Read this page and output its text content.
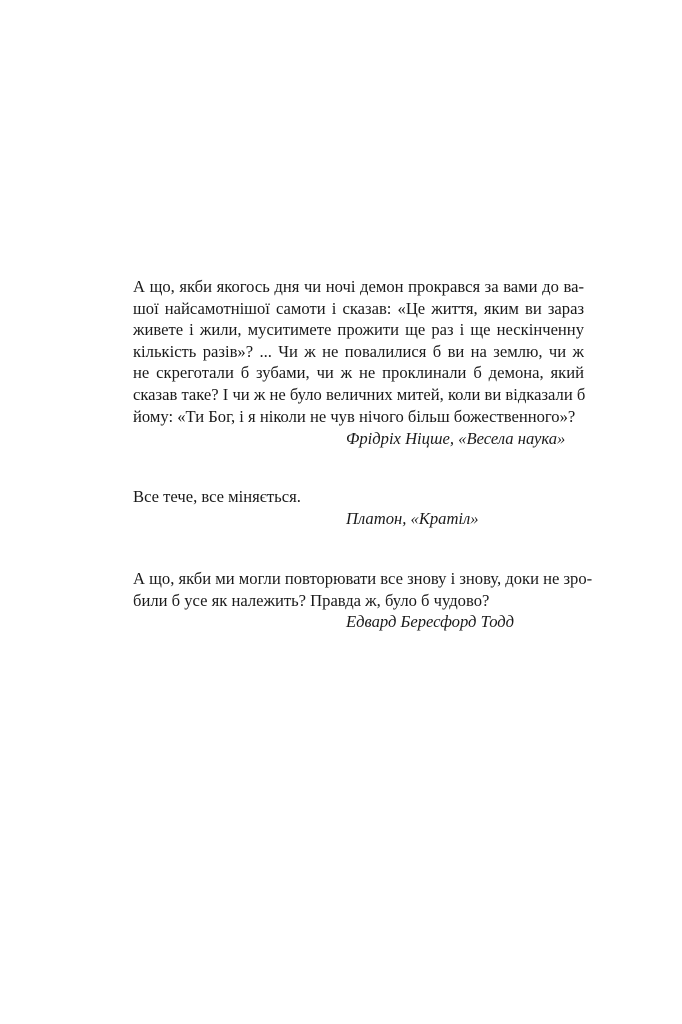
А що, якби якогось дня чи ночі демон прокрався за вами до ва-
шої найсамотнішої самоти і сказав: «Це життя, яким ви зараз
живете і жили, муситимете прожити ще раз і ще нескінченну
кількість разів»? ... Чи ж не повалилися б ви на землю, чи ж
не скреготали б зубами, чи ж не проклинали б демона, який
сказав таке? І чи ж не було величних митей, коли ви відказали б
йому: «Ти Бог, і я ніколи не чув нічого більш божественного»?
Фрідріх Ніцше, «Весела наука»
Все тече, все міняється.
Платон, «Кратіл»
А що, якби ми могли повторювати все знову і знову, доки не зро-
били б усе як належить? Правда ж, було б чудово?
Едвард Бересфорд Тодд
